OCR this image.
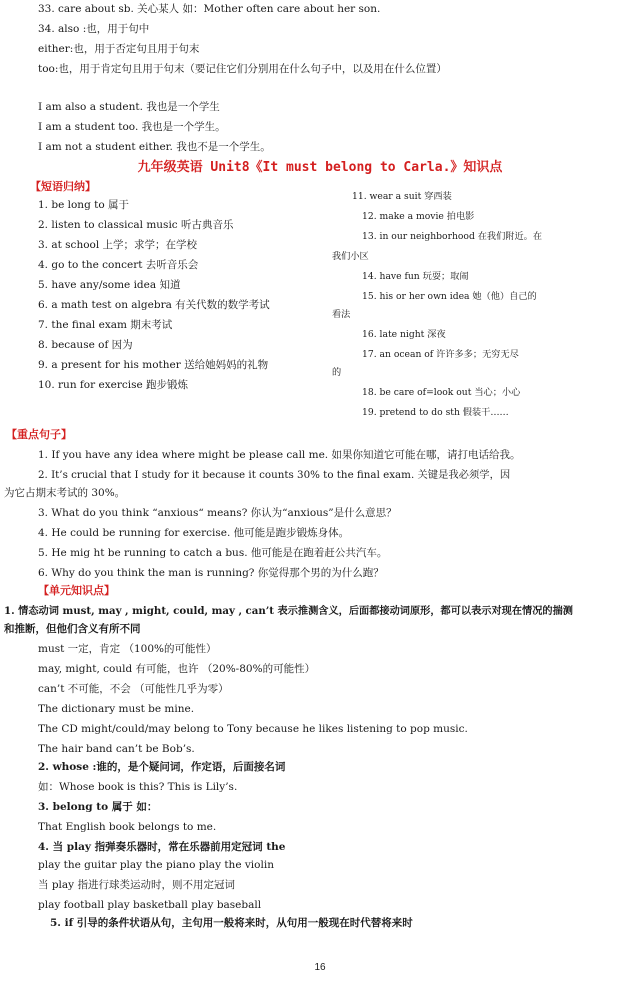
33. care about sb. 关心某人 如：Mother often care about her son.
34. also :也，用于句中
either:也，用于否定句且用于句末
too:也，用于肯定句且用于句末（要记住它们分别用在什么句子中，以及用在什么位置）
I am also a student. 我也是一个学生
I am a student too. 我也是一个学生。
I am not a student either. 我也不是一个学生。
九年级英语 Unit8《It must belong to Carla.》知识点
【短语归纳】
1. be long to 属于
2. listen to classical music 听古典音乐
3. at school 上学；求学；在学校
4. go to the concert 去听音乐会
5. have any/some idea 知道
6. a math test on algebra 有关代数的数学考试
7. the final exam 期末考试
8. because of 因为
9. a present for his mother 送给她妈妈的礼物
10. run for exercise 跑步锻炼
11. wear a suit 穿西装
12. make a movie 拍电影
13. in our neighborhood 在我们附近。在
我们小区
14. have fun 玩耍；取闹
15. his or her own idea 她（他）自己的
看法
16. late night 深夜
17. an ocean of 许许多多；无穷无尽
的
18. be care of=look out 当心；小心
19. pretend to do sth 假装干……
【重点句子】
1. If you have any idea where might be please call me. 如果你知道它可能在哪，请打电话给我。
2. It’s crucial that I study for it because it counts 30% to the final exam. 关键是我必须学，因
为它占期末考试的 30%。
3. What do you think “anxious“ means? 你认为“anxious”是什么意思？
4. He could be running for exercise. 他可能是跑步锻炼身体。
5. He mig ht be running to catch a bus. 他可能是在跑着赶公共汽车。
6. Why do you think the man is running? 你觉得那个男的为什么跑？
【单元知识点】
1. 情态动词 must, may , might, could, may , can’t 表示推测含义，后面都接动词原形，都可以表示对现在情况的揣测
和推断，但他们含义有所不同
must 一定，肯定 （100%的可能性）
may, might, could 有可能，也许 （20%-80%的可能性）
can’t 不可能，不会 （可能性几乎为零）
The dictionary must be mine.
The CD might/could/may belong to Tony because he likes listening to pop music.
The hair band can’t be Bob’s.
2. whose :谁的，是个疑问词，作定语，后面接名词
如：Whose book is this? This is Lily’s.
3. belong to 属于 如：
That English book belongs to me.
4. 当 play 指弹奏乐器时，常在乐器前用定冠词 the
play the guitar play the piano play the violin
当 play 指进行球类运动时，则不用定冠词
play football play basketball play baseball
5. if 引导的条件状语从句，主句用一般将来时，从句用一般现在时代替将来时
16
